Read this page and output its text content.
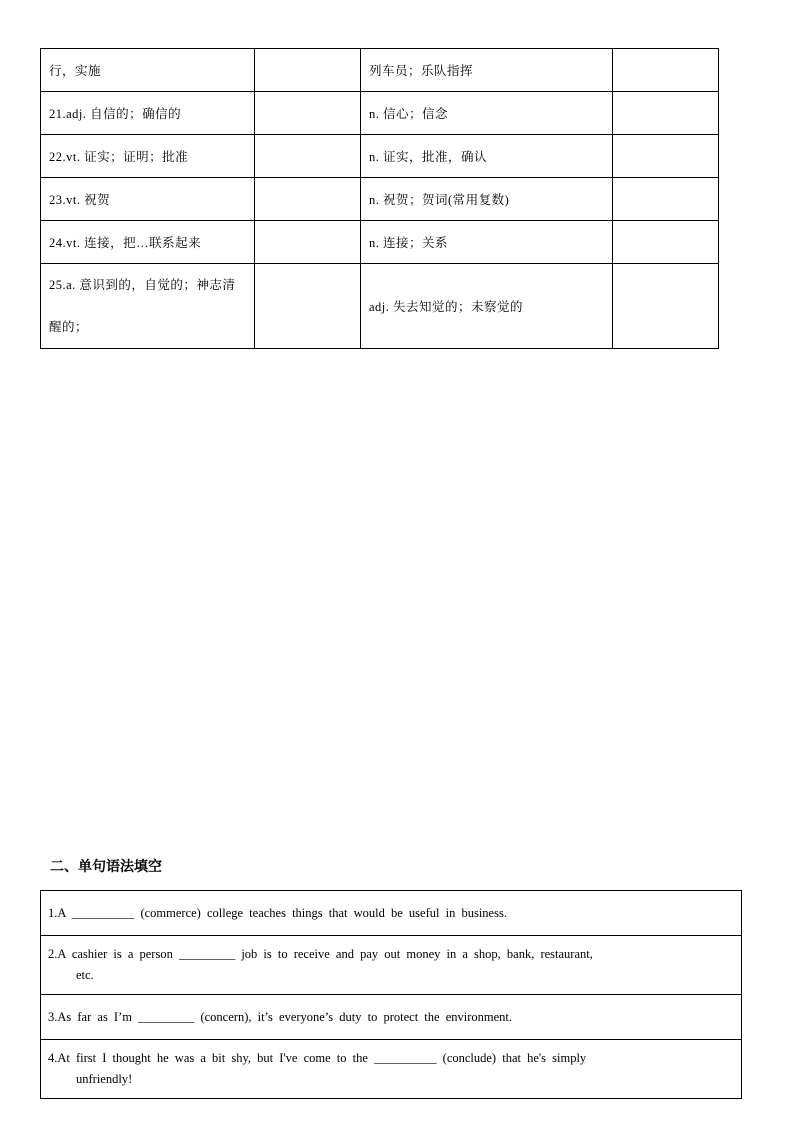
行，实施		列车员；乐队指挥	
21.adj. 自信的；确信的		n. 信心；信念	
22.vt. 证实；证明；批准		n. 证实，批准，确认	
23.vt. 祝贺		n. 祝贺；贺词(常用复数)	
24.vt. 连接，把…联系起来		n. 连接；关系	
25.a. 意识到的，自觉的；神志清醒的；		adj. 失去知觉的；未察觉的	
二、单句语法填空
1.A __________ (commerce) college teaches things that would be useful in business.
2.A cashier is a person _________ job is to receive and pay out money in a shop, bank, restaurant,
etc.
3.As far as I’m _________ (concern), it’s everyone’s duty to protect the environment.
4.At first I thought he was a bit shy, but I've come to the __________ (conclude) that he's simply
unfriendly!
